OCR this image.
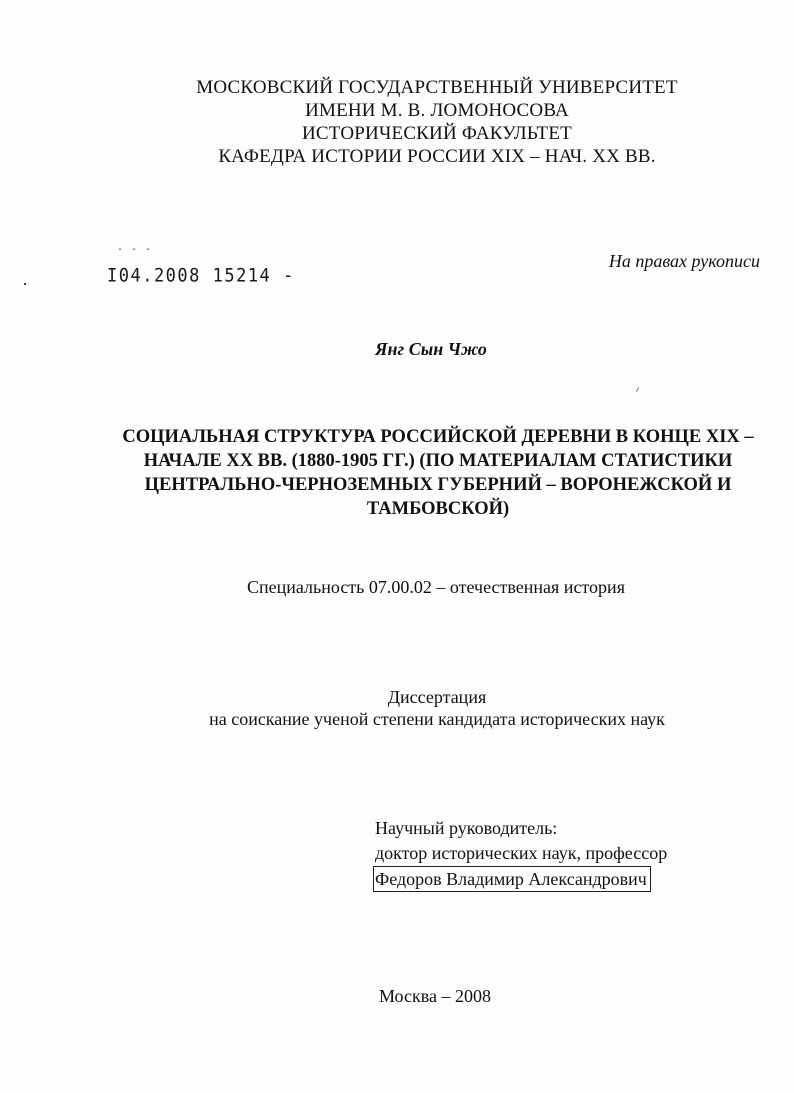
МОСКОВСКИЙ ГОСУДАРСТВЕННЫЙ УНИВЕРСИТЕТ
ИМЕНИ М. В. ЛОМОНОСОВА
ИСТОРИЧЕСКИЙ ФАКУЛЬТЕТ
КАФЕДРА ИСТОРИИ РОССИИ XIX – НАЧ. XX ВВ.
- - -
I04.2008 15214 -
На правах рукописи
Янг Сын Чжо
СОЦИАЛЬНАЯ СТРУКТУРА РОССИЙСКОЙ ДЕРЕВНИ В КОНЦЕ XIX –
НАЧАЛЕ XX ВВ. (1880-1905 ГГ.) (ПО МАТЕРИАЛАМ СТАТИСТИКИ
ЦЕНТРАЛЬНО-ЧЕРНОЗЕМНЫХ ГУБЕРНИЙ – ВОРОНЕЖСКОЙ И
ТАМБОВСКОЙ)
Специальность 07.00.02 – отечественная история
Диссертация
на соискание ученой степени кандидата исторических наук
Научный руководитель:
доктор исторических наук, профессор
Федоров Владимир Александрович
Москва – 2008
